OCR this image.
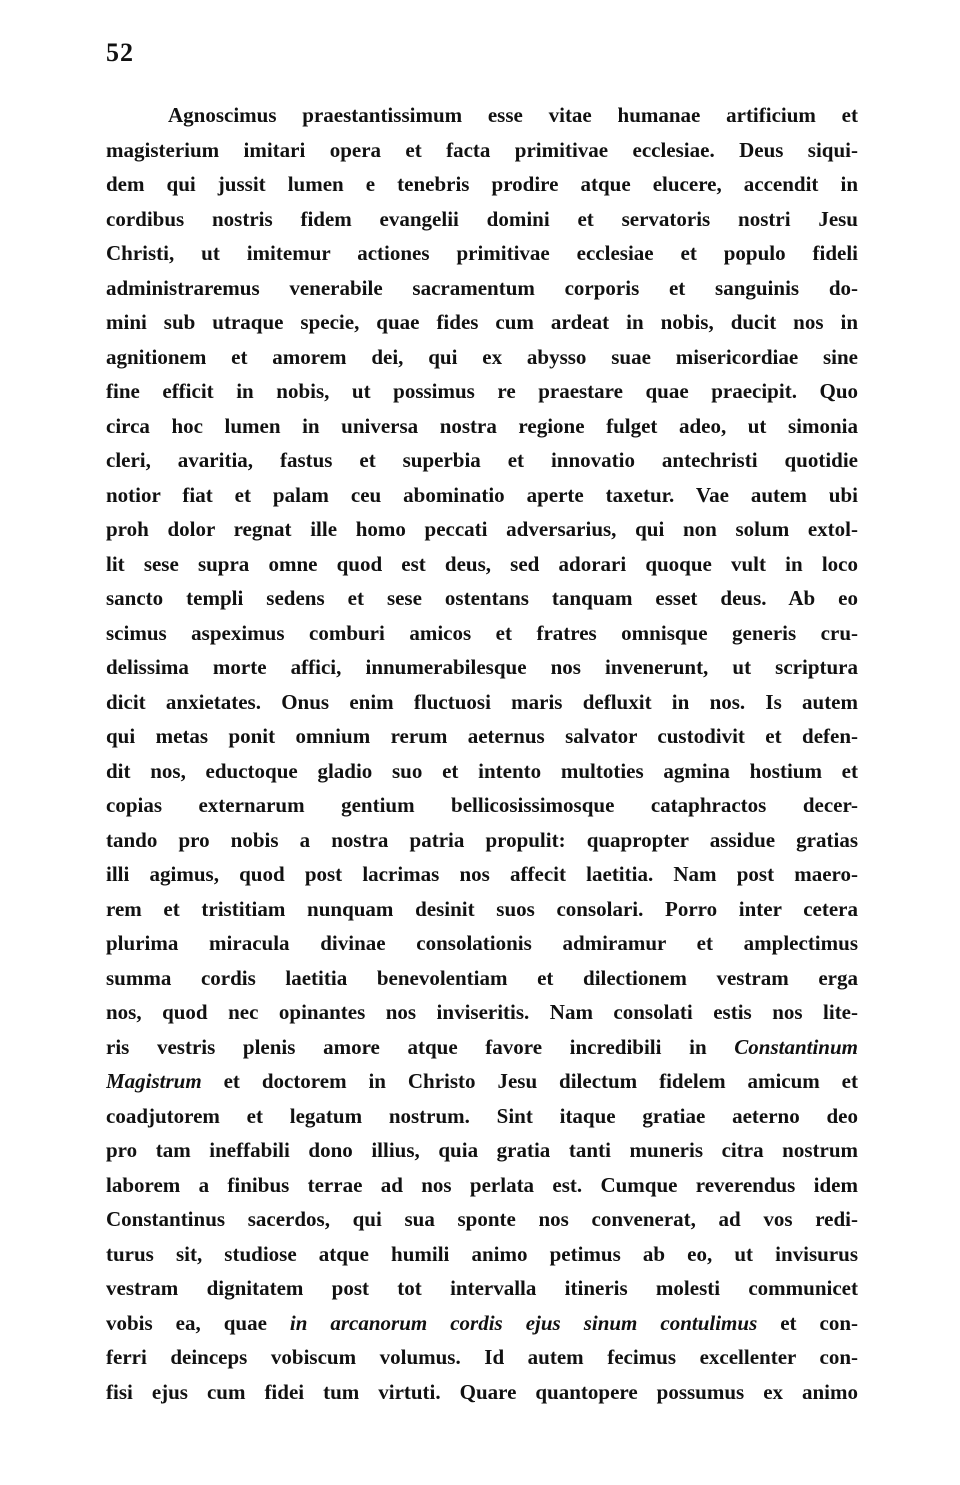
52

Agnoscimus praestantissimum esse vitae humanae artificium et
magisterium imitari opera et facta primitivae ecclesiae. Deus siqui-
dem qui jussit lumen e tenebris prodire atque elucere, accendit in
cordibus nostris fidem evangelii domini et servatoris nostri Jesu
Christi, ut imitemur actiones primitivae ecclesiae et populo fideli
administraremus venerabile sacramentum corporis et sanguinis do-
mini sub utraque specie, quae fides cum ardeat in nobis, ducit nos in
agnitionem et amorem dei, qui ex abysso suae misericordiae sine
fine efficit in nobis, ut possimus re praestare quae praecipit. Quo
circa hoc lumen in universa nostra regione fulget adeo, ut simonia
cleri, avaritia, fastus et superbia et innovatio antechristi quotidie
notior fiat et palam ceu abominatio aperte taxetur. Vae autem ubi
proh dolor regnat ille homo peccati adversarius, qui non solum extol-
lit sese supra omne quod est deus, sed adorari quoque vult in loco
sancto templi sedens et sese ostentans tanquam esset deus. Ab eo
scimus aspeximus comburi amicos et fratres omnisque generis cru-
delissima morte affici, innumerabilesque nos invenerunt, ut scriptura
dicit anxietates. Onus enim fluctuosi maris defluxit in nos. Is autem
qui metas ponit omnium rerum aeternus salvator custodivit et defen-
dit nos, eductoque gladio suo et intento multoties agmina hostium et
copias externarum gentium bellicosissimosque cataphractos decer-
tando pro nobis a nostra patria propulit: quapropter assidue gratias
illi agimus, quod post lacrimas nos affecit laetitia. Nam post maero-
rem et tristitiam nunquam desinit suos consolari. Porro inter cetera
plurima miracula divinae consolationis admiramur et amplectimus
summa cordis laetitia benevolentiam et dilectionem vestram erga
nos, quod nec opinantes nos inviseritis. Nam consolati estis nos lite-
ris vestris plenis amore atque favore incredibili in Constantinum
Magistrum et doctorem in Christo Jesu dilectum fidelem amicum et
coadjutorem et legatum nostrum. Sint itaque gratiae aeterno deo
pro tam ineffabili dono illius, quia gratia tanti muneris citra nostrum
laborem a finibus terrae ad nos perlata est. Cumque reverendus idem
Constantinus sacerdos, qui sua sponte nos convenerat, ad vos redi-
turus sit, studiose atque humili animo petimus ab eo, ut invisurus
vestram dignitatem post tot intervalla itineris molesti communicet
vobis ea, quae in arcanorum cordis ejus sinum contulimus et con-
ferri deinceps vobiscum volumus. Id autem fecimus excellenter con-
fisi ejus cum fidei tum virtuti. Quare quantopere possumus ex animo
